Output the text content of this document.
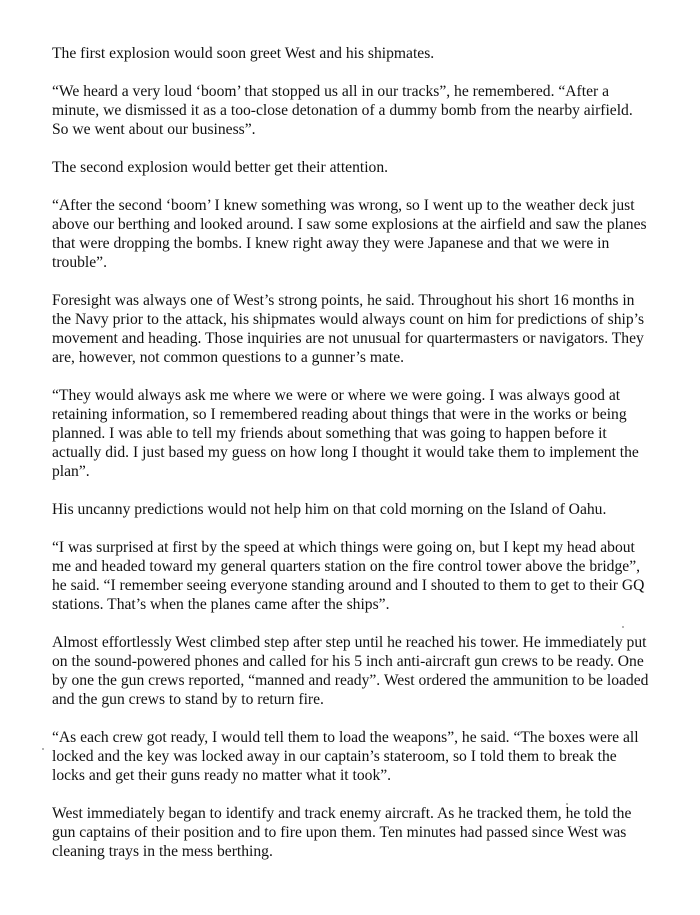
The first explosion would soon greet West and his shipmates.

“We heard a very loud ‘boom’ that stopped us all in our tracks”, he remembered. “After a minute, we dismissed it as a too-close detonation of a dummy bomb from the nearby airfield. So we went about our business”.

The second explosion would better get their attention.

“After the second ‘boom’ I knew something was wrong, so I went up to the weather deck just above our berthing and looked around. I saw some explosions at the airfield and saw the planes that were dropping the bombs. I knew right away they were Japanese and that we were in trouble”.

Foresight was always one of West’s strong points, he said. Throughout his short 16 months in the Navy prior to the attack, his shipmates would always count on him for predictions of ship’s movement and heading. Those inquiries are not unusual for quartermasters or navigators. They are, however, not common questions to a gunner’s mate.

“They would always ask me where we were or where we were going. I was always good at retaining information, so I remembered reading about things that were in the works or being planned. I was able to tell my friends about something that was going to happen before it actually did. I just based my guess on how long I thought it would take them to implement the plan”.

His uncanny predictions would not help him on that cold morning on the Island of Oahu.

“I was surprised at first by the speed at which things were going on, but I kept my head about me and headed toward my general quarters station on the fire control tower above the bridge”, he said. “I remember seeing everyone standing around and I shouted to them to get to their GQ stations. That’s when the planes came after the ships”.

Almost effortlessly West climbed step after step until he reached his tower. He immediately put on the sound-powered phones and called for his 5 inch anti-aircraft gun crews to be ready. One by one the gun crews reported, “manned and ready”. West ordered the ammunition to be loaded and the gun crews to stand by to return fire.

“As each crew got ready, I would tell them to load the weapons”, he said. “The boxes were all locked and the key was locked away in our captain’s stateroom, so I told them to break the locks and get their guns ready no matter what it took”.

West immediately began to identify and track enemy aircraft. As he tracked them, he told the gun captains of their position and to fire upon them. Ten minutes had passed since West was cleaning trays in the mess berthing.
